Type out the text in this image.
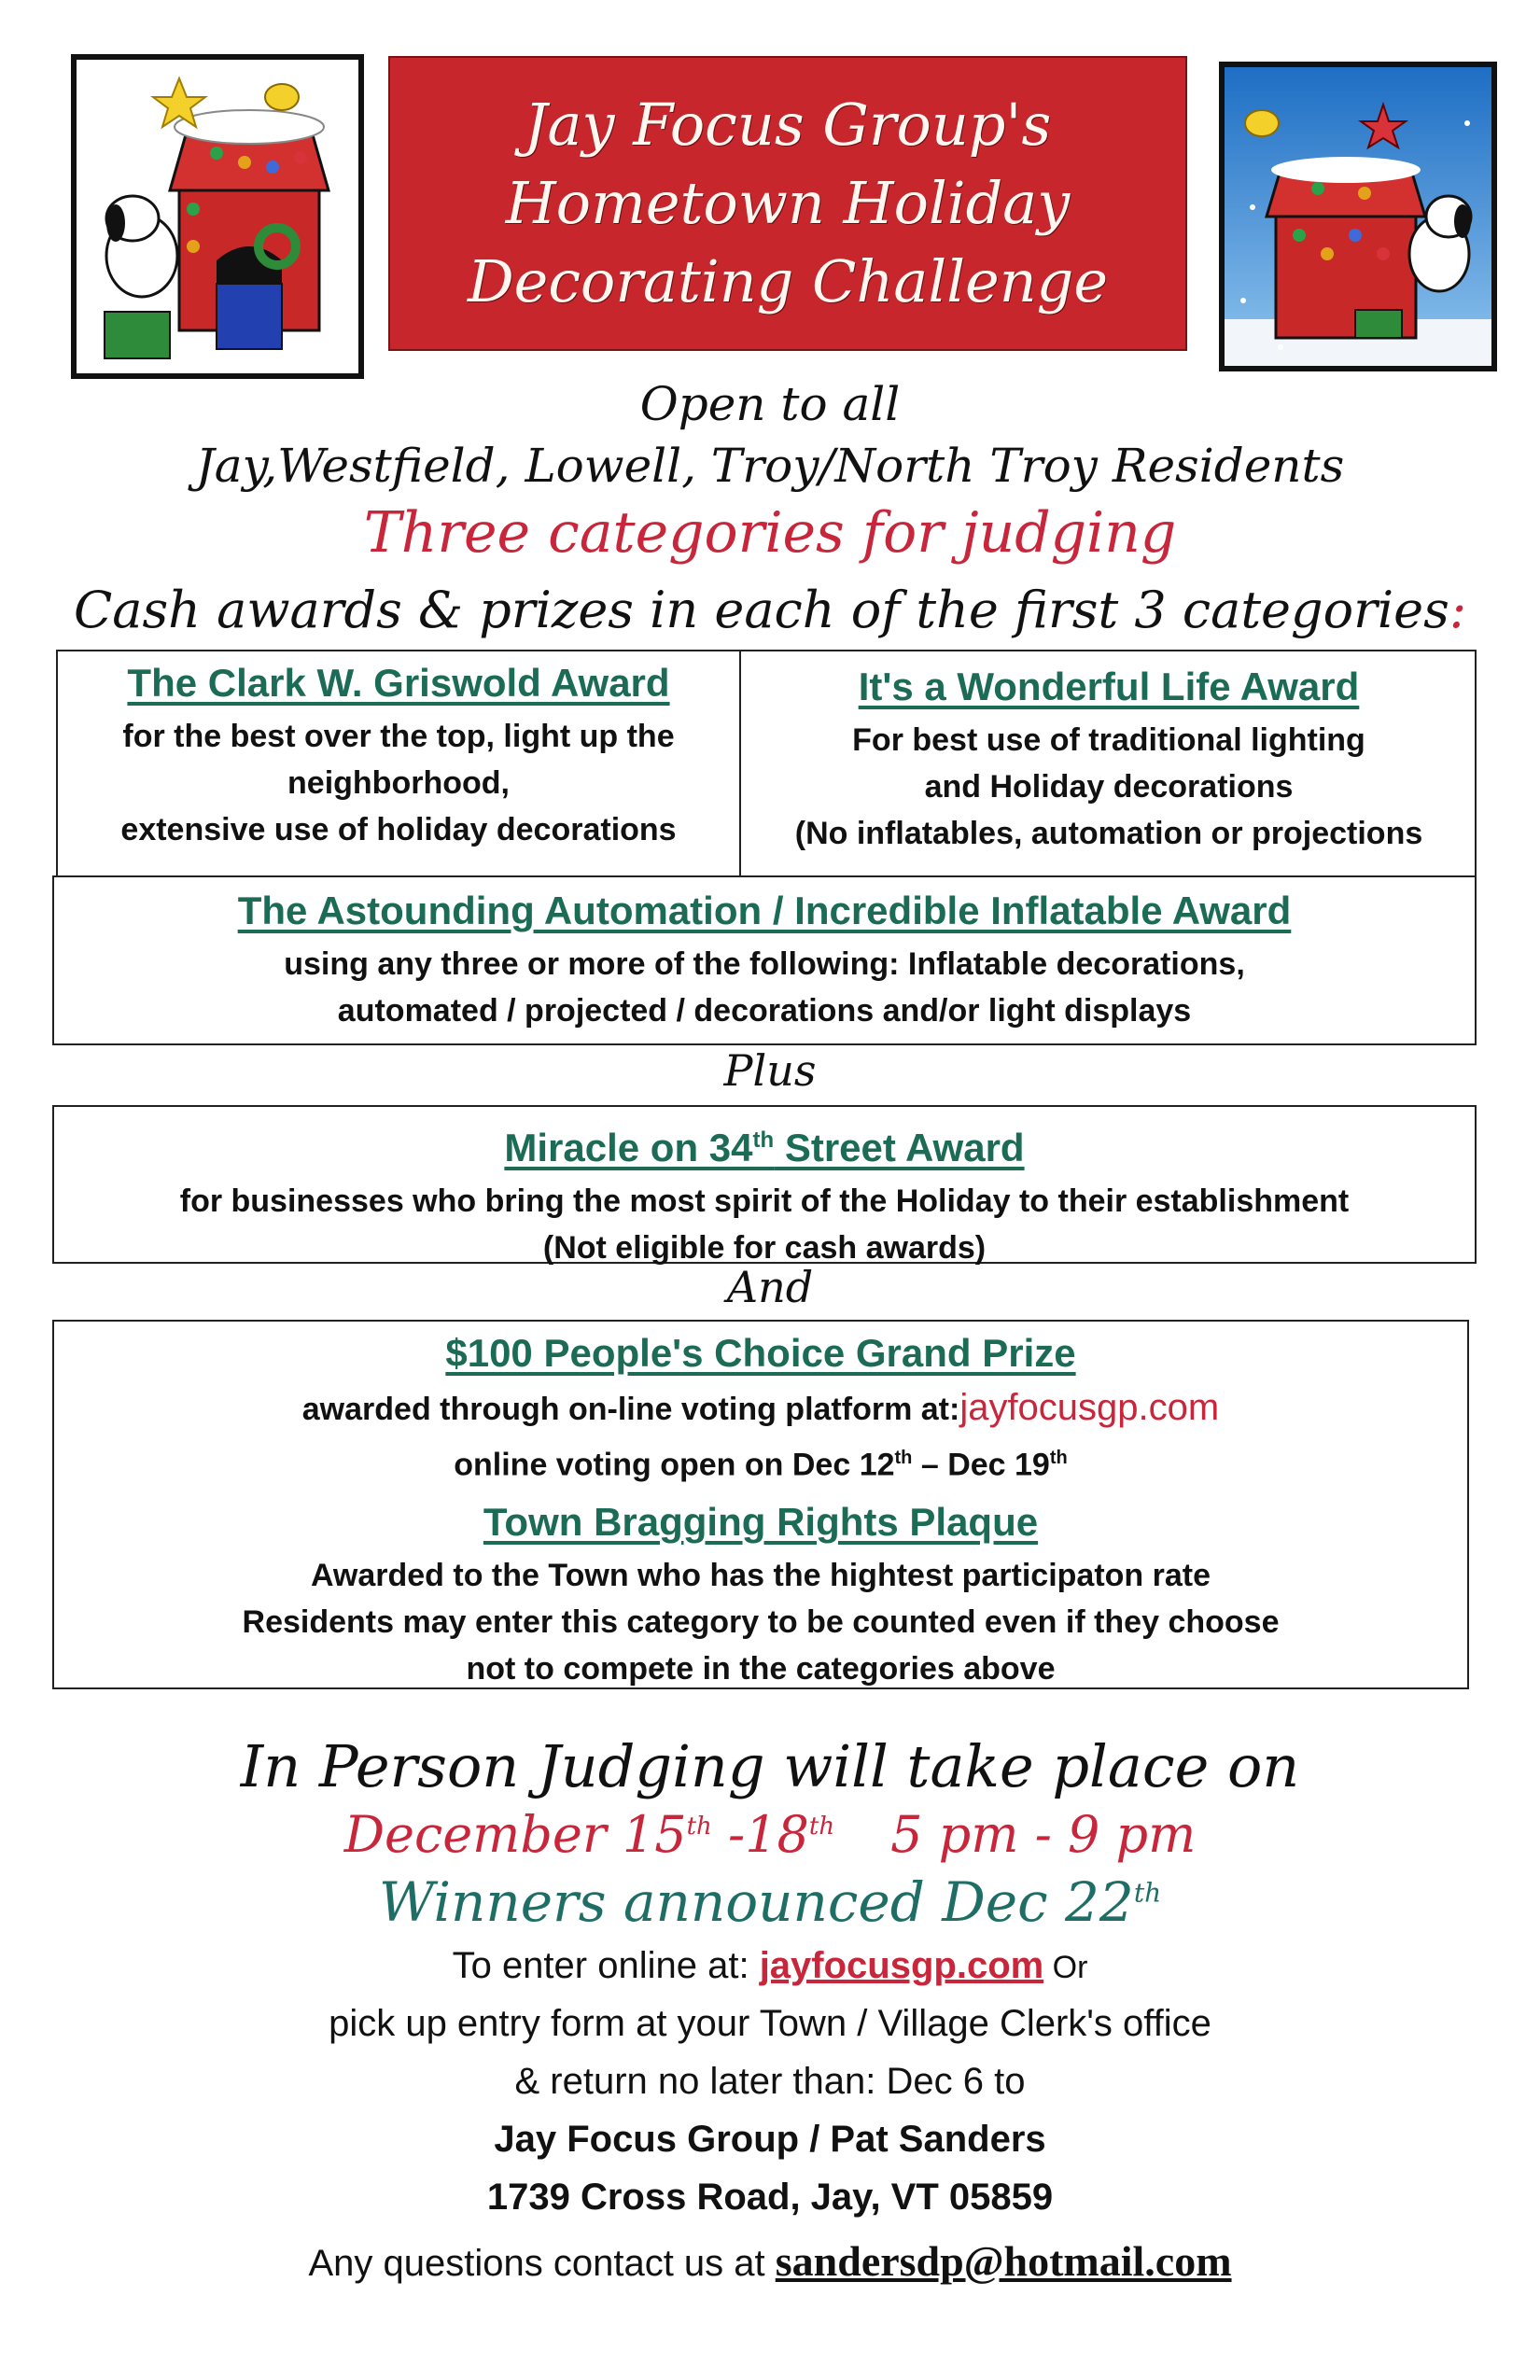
Jay Focus Group's
Hometown Holiday
Decorating Challenge
Open to all
Jay,Westfield, Lowell, Troy/North Troy Residents
Three categories for judging
Cash awards & prizes in each of the first 3 categories:
The Clark W. Griswold Award
for the best over the top, light up the
neighborhood,
extensive use of holiday decorations
It's a Wonderful Life Award
For best use of traditional lighting
and Holiday decorations
(No inflatables, automation or projections
The Astounding Automation / Incredible Inflatable Award
using any three or more of the following: Inflatable decorations,
automated / projected / decorations and/or light displays
Plus
Miracle on 34th Street Award
for businesses who bring the most spirit of the Holiday to their establishment
(Not eligible for cash awards)
And
$100 People's Choice Grand Prize
awarded through on-line voting platform at:jayfocusgp.com
online voting open on Dec 12th – Dec 19th
Town Bragging Rights Plaque
Awarded to the Town who has the hightest participaton rate
Residents may enter this category to be counted even if they choose
not to compete in the categories above
In Person Judging will take place on
December 15th -18th 5 pm - 9 pm
Winners announced Dec 22th
To enter online at: jayfocusgp.com Or
pick up entry form at your Town / Village Clerk's office
& return no later than: Dec 6 to
Jay Focus Group / Pat Sanders
1739 Cross Road, Jay, VT 05859
Any questions contact us at sandersdp@hotmail.com
